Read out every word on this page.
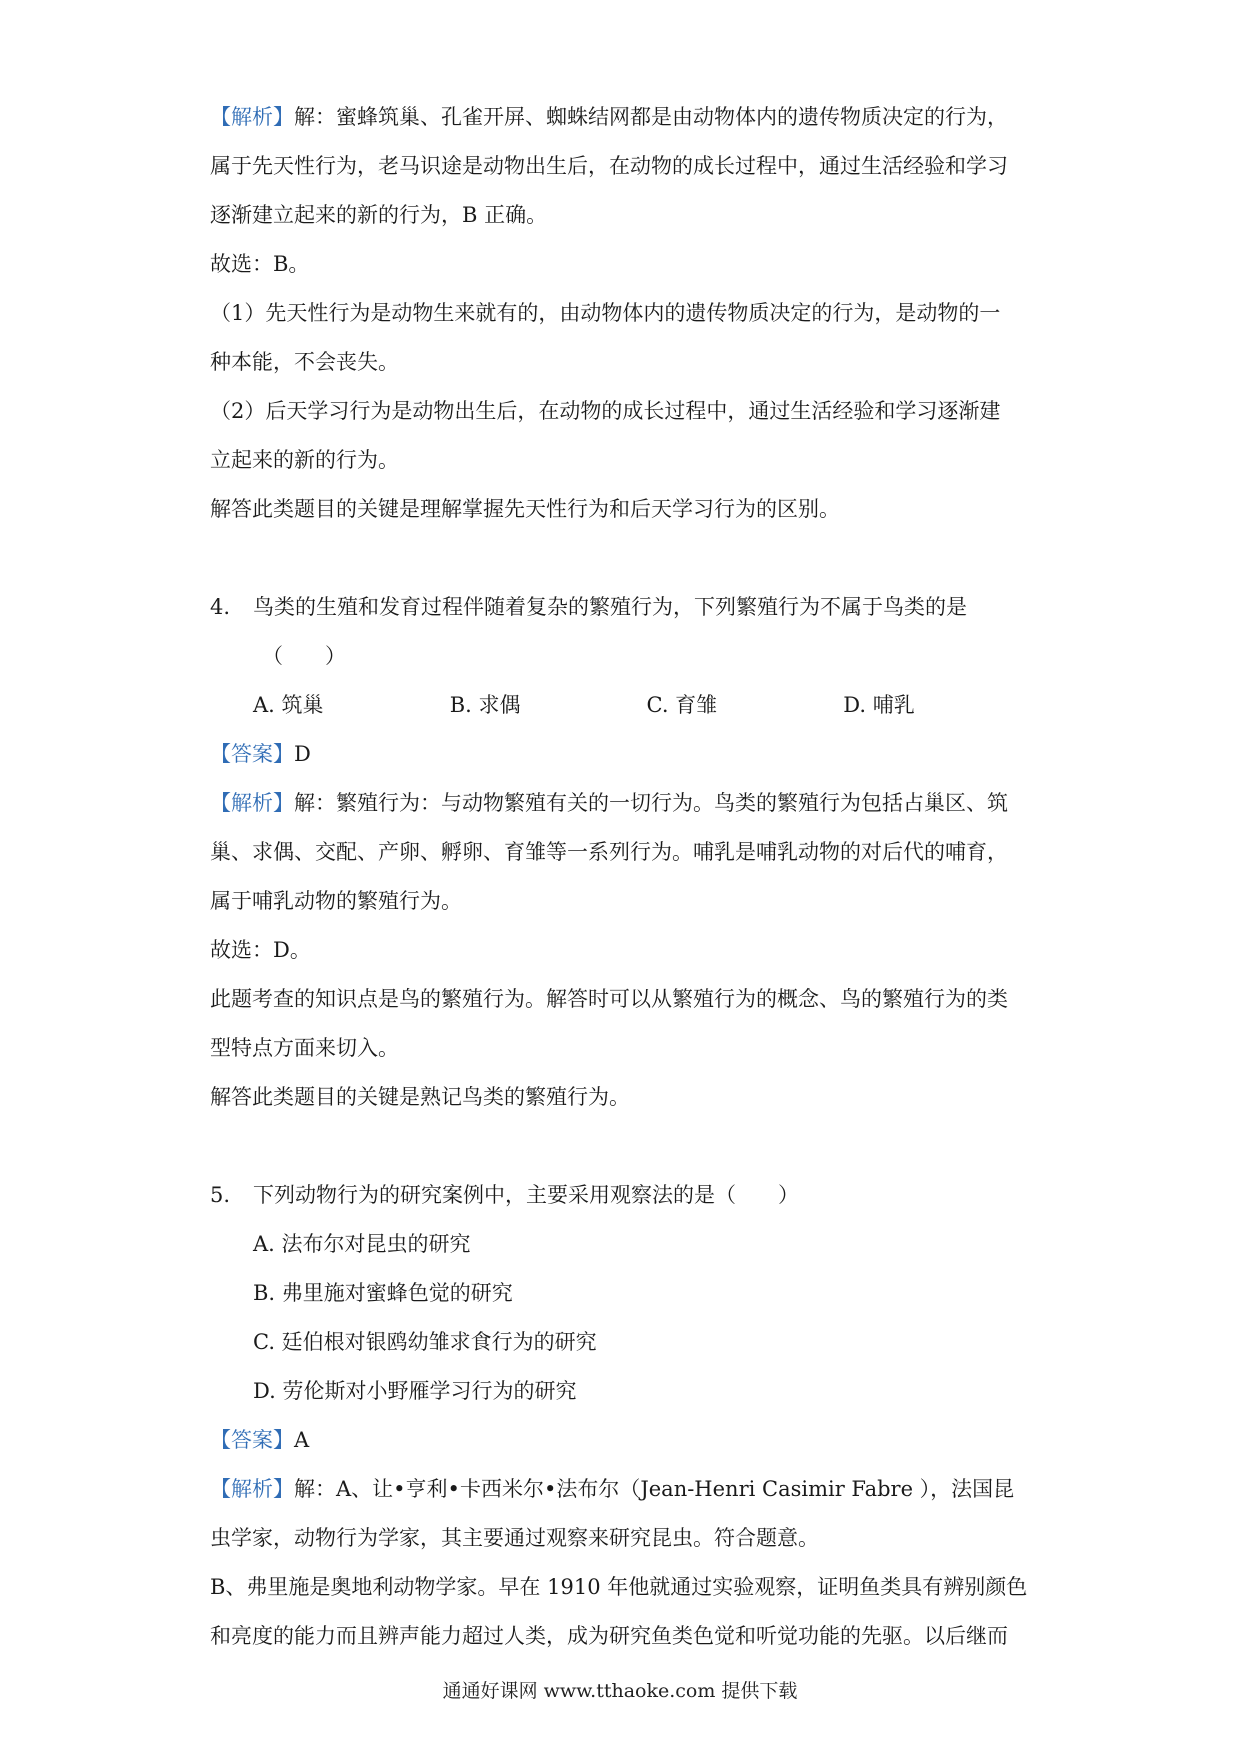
【解析】解：蜜蜂筑巢、孔雀开屏、蜘蛛结网都是由动物体内的遗传物质决定的行为，
属于先天性行为，老马识途是动物出生后，在动物的成长过程中，通过生活经验和学习
逐渐建立起来的新的行为，B 正确。
故选：B。
（1）先天性行为是动物生来就有的，由动物体内的遗传物质决定的行为，是动物的一
种本能，不会丧失。
（2）后天学习行为是动物出生后，在动物的成长过程中，通过生活经验和学习逐渐建
立起来的新的行为。
解答此类题目的关键是理解掌握先天性行为和后天学习行为的区别。
4.	鸟类的生殖和发育过程伴随着复杂的繁殖行为，下列繁殖行为不属于鸟类的是
（　　）
A. 筑巢	B. 求偶	C. 育雏	D. 哺乳
【答案】D
【解析】解：繁殖行为：与动物繁殖有关的一切行为。鸟类的繁殖行为包括占巢区、筑
巢、求偶、交配、产卵、孵卵、育雏等一系列行为。哺乳是哺乳动物的对后代的哺育，
属于哺乳动物的繁殖行为。
故选：D。
此题考查的知识点是鸟的繁殖行为。解答时可以从繁殖行为的概念、鸟的繁殖行为的类
型特点方面来切入。
解答此类题目的关键是熟记鸟类的繁殖行为。
5.	下列动物行为的研究案例中，主要采用观察法的是（　　）
A. 法布尔对昆虫的研究
B. 弗里施对蜜蜂色觉的研究
C. 廷伯根对银鸥幼雏求食行为的研究
D. 劳伦斯对小野雁学习行为的研究
【答案】A
【解析】解：A、让•亨利•卡西米尔•法布尔（Jean-Henri Casimir Fabre ），法国昆
虫学家，动物行为学家，其主要通过观察来研究昆虫。符合题意。
B、弗里施是奥地利动物学家。早在 1910 年他就通过实验观察，证明鱼类具有辨别颜色
和亮度的能力而且辨声能力超过人类，成为研究鱼类色觉和听觉功能的先驱。以后继而
通通好课网 www.tthaoke.com 提供下载
